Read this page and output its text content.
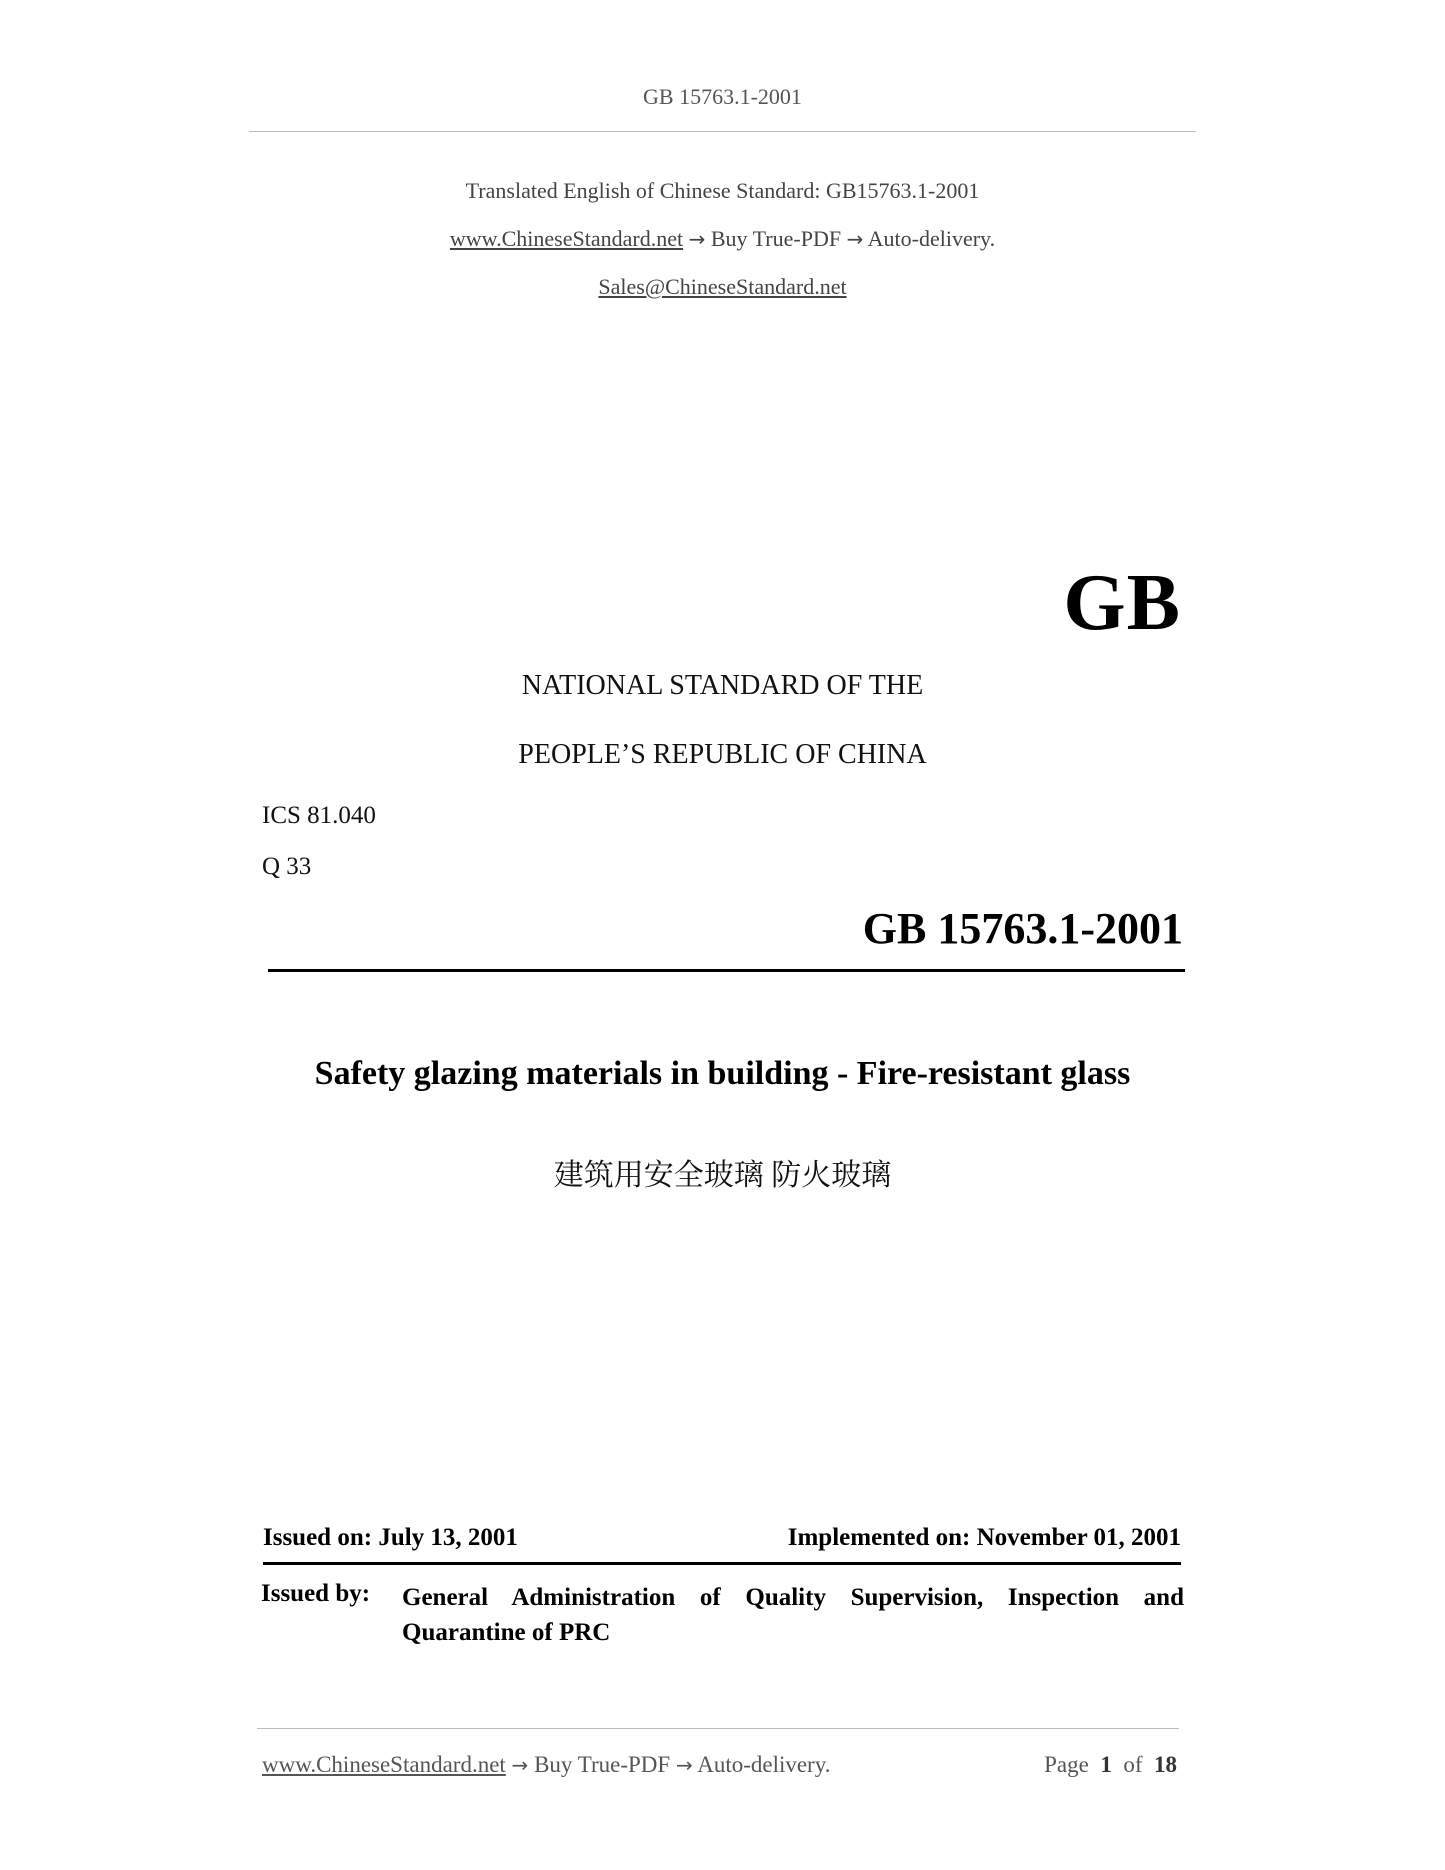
GB 15763.1-2001
Translated English of Chinese Standard: GB15763.1-2001
www.ChineseStandard.net → Buy True-PDF → Auto-delivery.
Sales@ChineseStandard.net
GB
NATIONAL STANDARD OF THE
PEOPLE’S REPUBLIC OF CHINA
ICS 81.040
Q 33
GB 15763.1-2001
Safety glazing materials in building - Fire-resistant glass
建筑用安全玻璃 防火玻璃
Issued on: July 13, 2001	Implemented on: November 01, 2001
Issued by: General Administration of Quality Supervision, Inspection and Quarantine of PRC
www.ChineseStandard.net → Buy True-PDF → Auto-delivery.	Page 1 of 18
